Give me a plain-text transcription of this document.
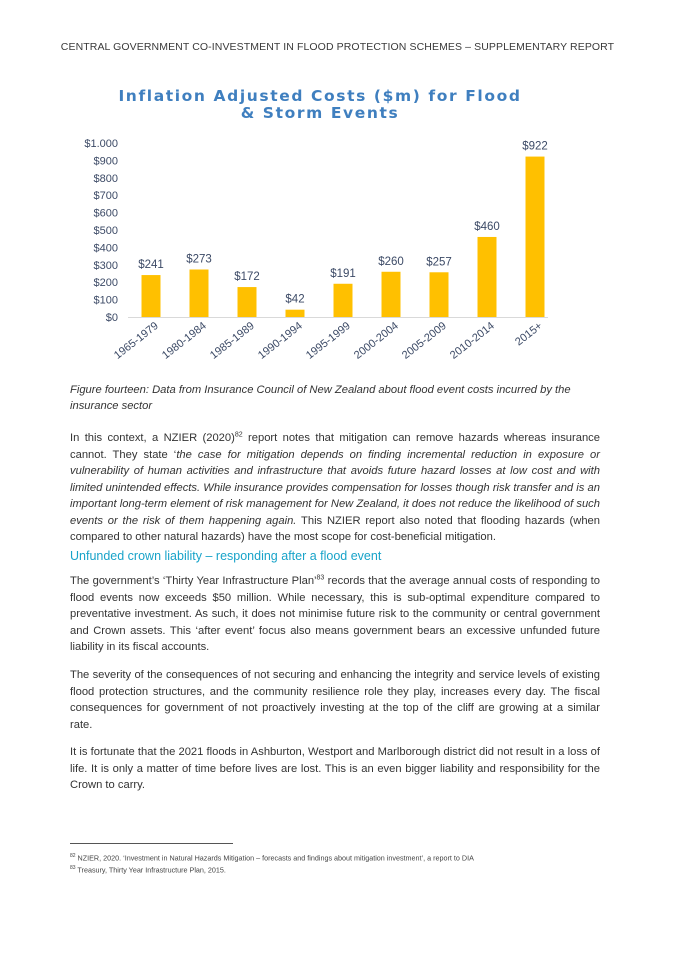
CENTRAL GOVERNMENT CO-INVESTMENT IN FLOOD PROTECTION SCHEMES – SUPPLEMENTARY REPORT
Inflation Adjusted Costs ($m) for Flood
& Storm Events
$0
$100
$200
$300
$400
$500
$600
$700
$800
$900
$1.000
$241
1965-1979
$273
1980-1984
$172
1985-1989
$42
1990-1994
$191
1995-1999
$260
2000-2004
$257
2005-2009
$460
2010-2014
$922
2015+
Figure fourteen: Data from Insurance Council of New Zealand about flood event costs incurred by the insurance sector
In this context, a NZIER $(2020)^{82}$ report notes that mitigation can remove hazards whereas insurance cannot. They state ‘the case for mitigation depends on finding incremental reduction in exposure or vulnerability of human activities and infrastructure that avoids future hazard losses at low cost and with limited unintended effects. While insurance provides compensation for losses though risk transfer and is an important long-term element of risk management for New Zealand, it does not reduce the likelihood of such events or the risk of them happening again. This NZIER report also noted that flooding hazards (when compared to other natural hazards) have the most scope for cost-beneficial mitigation.
Unfunded crown liability – responding after a flood event
The government’s ‘Thirty Year Infrastructure Plan’$^{83}$ records that the average annual costs of responding to flood events now exceeds $50 million. While necessary, this is sub-optimal expenditure compared to preventative investment. As such, it does not minimise future risk to the community or central government and Crown assets. This ‘after event’ focus also means government bears an excessive unfunded future liability in its fiscal accounts.
The severity of the consequences of not securing and enhancing the integrity and service levels of existing flood protection structures, and the community resilience role they play, increases every day. The fiscal consequences for government of not proactively investing at the top of the cliff are growing at a similar rate.
It is fortunate that the 2021 floods in Ashburton, Westport and Marlborough district did not result in a loss of life. It is only a matter of time before lives are lost. This is an even bigger liability and responsibility for the Crown to carry.
$^{82}$ NZIER, 2020. ‘Investment in Natural Hazards Mitigation – forecasts and findings about mitigation investment’, a report to DIA
$^{83}$ Treasury, Thirty Year Infrastructure Plan, 2015.
